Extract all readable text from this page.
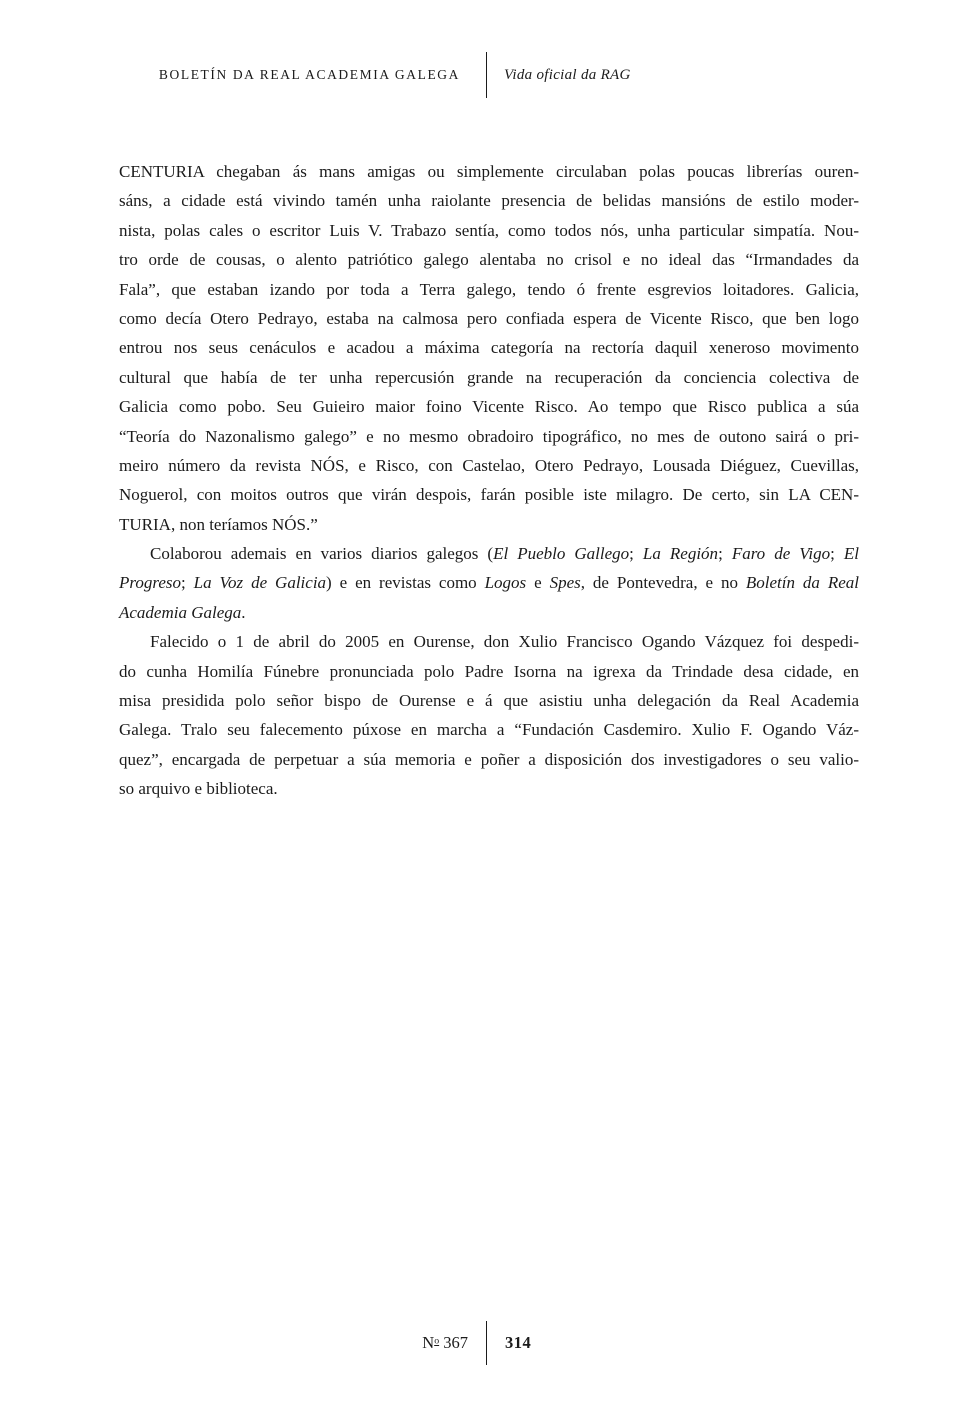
BOLETÍN DA REAL ACADEMIA GALEGA	Vida oficial da RAG
CENTURIA chegaban ás mans amigas ou simplemente circulaban polas poucas librerías ouren-
sáns, a cidade está vivindo tamén unha raiolante presencia de belidas mansións de estilo moder-
nista, polas cales o escritor Luis V. Trabazo sentía, como todos nós, unha particular simpatía. Nou-
tro orde de cousas, o alento patriótico galego alentaba no crisol e no ideal das “Irmandades da
Fala”, que estaban izando por toda a Terra galego, tendo ó frente esgrevios loitadores. Galicia,
como decía Otero Pedrayo, estaba na calmosa pero confiada espera de Vicente Risco, que ben logo
entrou nos seus cenáculos e acadou a máxima categoría na rectoría daquil xeneroso movimento
cultural que había de ter unha repercusión grande na recuperación da conciencia colectiva de
Galicia como pobo. Seu Guieiro maior foino Vicente Risco. Ao tempo que Risco publica a súa
“Teoría do Nazonalismo galego” e no mesmo obradoiro tipográfico, no mes de outono sairá o pri-
meiro número da revista NÓS, e Risco, con Castelao, Otero Pedrayo, Lousada Diéguez, Cuevillas,
Noguerol, con moitos outros que virán despois, farán posible iste milagro. De certo, sin LA CEN-
TURIA, non teríamos NÓS.”
Colaborou ademais en varios diarios galegos (El Pueblo Gallego; La Región; Faro de Vigo; El
Progreso; La Voz de Galicia) e en revistas como Logos e Spes, de Pontevedra, e no Boletín da Real
Academia Galega.
Falecido o 1 de abril do 2005 en Ourense, don Xulio Francisco Ogando Vázquez foi despedi-
do cunha Homilía Fúnebre pronunciada polo Padre Isorna na igrexa da Trindade desa cidade, en
misa presidida polo señor bispo de Ourense e á que asistiu unha delegación da Real Academia
Galega. Tralo seu falecemento púxose en marcha a “Fundación Casdemiro. Xulio F. Ogando Váz-
quez”, encargada de perpetuar a súa memoria e poñer a disposición dos investigadores o seu valio-
so arquivo e biblioteca.
$N^o$ 367 314
